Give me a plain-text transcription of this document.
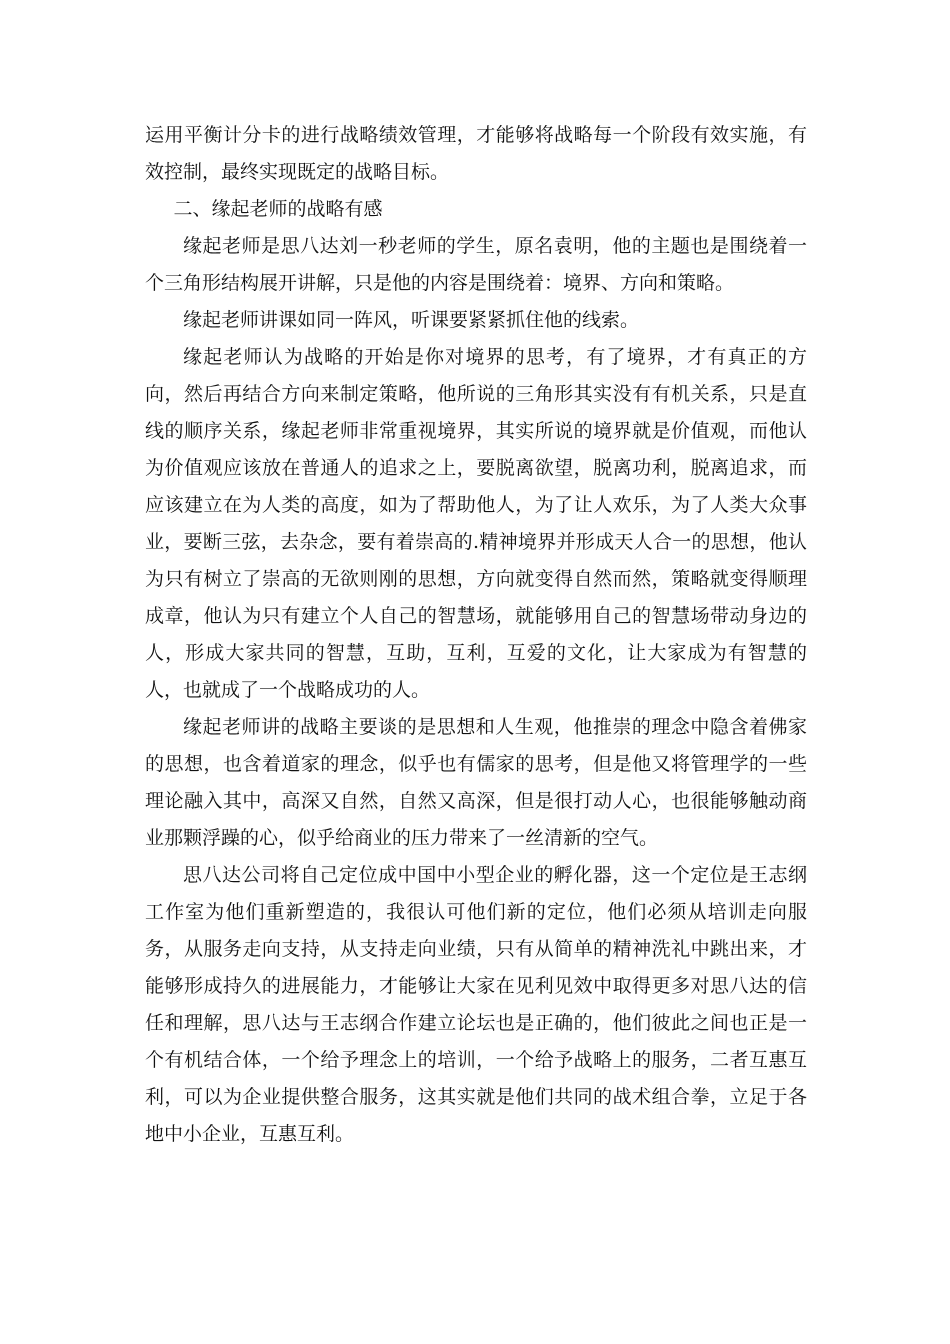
运用平衡计分卡的进行战略绩效管理，才能够将战略每一个阶段有效实施，有效控制，最终实现既定的战略目标。

二、缘起老师的战略有感

缘起老师是思八达刘一秒老师的学生，原名袁明，他的主题也是围绕着一个三角形结构展开讲解，只是他的内容是围绕着：境界、方向和策略。

缘起老师讲课如同一阵风，听课要紧紧抓住他的线索。

缘起老师认为战略的开始是你对境界的思考，有了境界，才有真正的方向，然后再结合方向来制定策略，他所说的三角形其实没有有机关系，只是直线的顺序关系，缘起老师非常重视境界，其实所说的境界就是价值观，而他认为价值观应该放在普通人的追求之上，要脱离欲望，脱离功利，脱离追求，而应该建立在为人类的高度，如为了帮助他人，为了让人欢乐，为了人类大众事业，要断三弦，去杂念，要有着崇高的.精神境界并形成天人合一的思想，他认为只有树立了崇高的无欲则刚的思想，方向就变得自然而然，策略就变得顺理成章，他认为只有建立个人自己的智慧场，就能够用自己的智慧场带动身边的人，形成大家共同的智慧，互助，互利，互爱的文化，让大家成为有智慧的人，也就成了一个战略成功的人。

缘起老师讲的战略主要谈的是思想和人生观，他推崇的理念中隐含着佛家的思想，也含着道家的理念，似乎也有儒家的思考，但是他又将管理学的一些理论融入其中，高深又自然，自然又高深，但是很打动人心，也很能够触动商业那颗浮躁的心，似乎给商业的压力带来了一丝清新的空气。

思八达公司将自己定位成中国中小型企业的孵化器，这一个定位是王志纲工作室为他们重新塑造的，我很认可他们新的定位，他们必须从培训走向服务，从服务走向支持，从支持走向业绩，只有从简单的精神洗礼中跳出来，才能够形成持久的进展能力，才能够让大家在见利见效中取得更多对思八达的信任和理解，思八达与王志纲合作建立论坛也是正确的，他们彼此之间也正是一个有机结合体，一个给予理念上的培训，一个给予战略上的服务，二者互惠互利，可以为企业提供整合服务，这其实就是他们共同的战术组合拳，立足于各地中小企业，互惠互利。
